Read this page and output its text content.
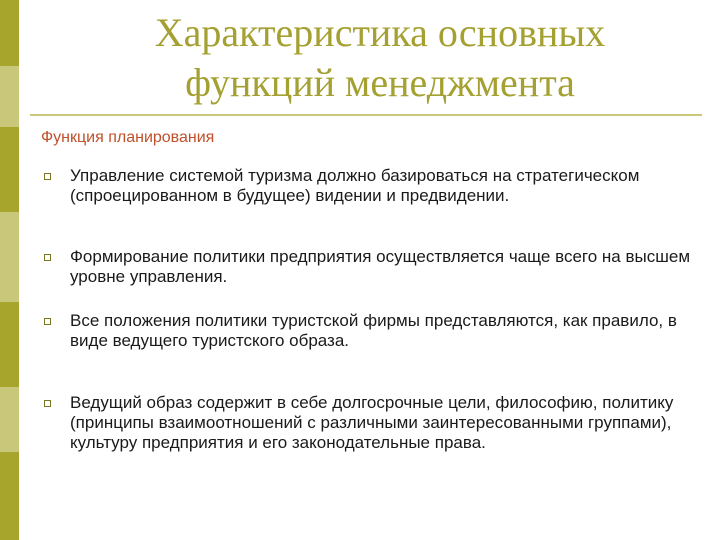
Характеристика основных
функций менеджмента
Функция планирования
Управление системой туризма должно базироваться на стратегическом (спроецированном в будущее) видении и предвидении.
Формирование политики предприятия осуществляется чаще всего на высшем уровне управления.
Все положения политики туристской фирмы представляются, как правило, в виде ведущего туристского образа.
Ведущий образ содержит в себе долгосрочные цели, философию, политику (принципы взаимоотношений с различными заинтересованными группами), культуру предприятия и его законодательные права.
